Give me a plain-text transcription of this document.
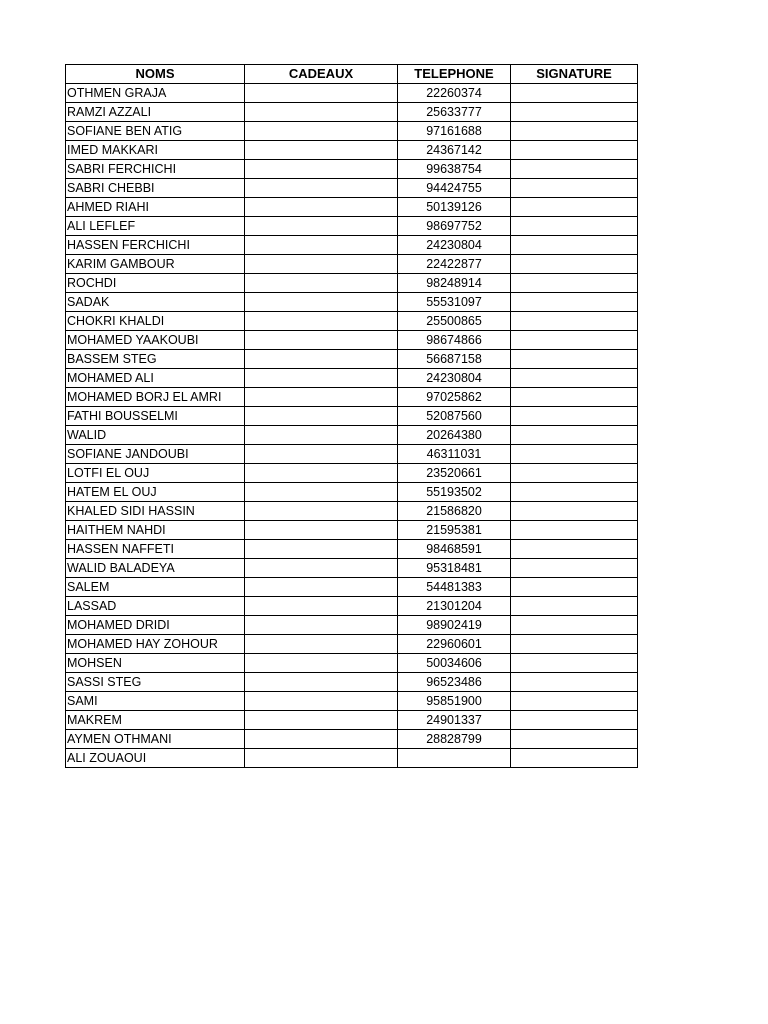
NOMS	CADEAUX	TELEPHONE	SIGNATURE
OTHMEN GRAJA		22260374	
RAMZI AZZALI		25633777	
SOFIANE BEN ATIG		97161688	
IMED MAKKARI		24367142	
SABRI FERCHICHI		99638754	
SABRI CHEBBI		94424755	
AHMED RIAHI		50139126	
ALI LEFLEF		98697752	
HASSEN FERCHICHI		24230804	
KARIM GAMBOUR		22422877	
ROCHDI		98248914	
SADAK		55531097	
CHOKRI KHALDI		25500865	
MOHAMED YAAKOUBI		98674866	
BASSEM STEG		56687158	
MOHAMED ALI		24230804	
MOHAMED BORJ EL AMRI		97025862	
FATHI BOUSSELMI		52087560	
WALID		20264380	
SOFIANE JANDOUBI		46311031	
LOTFI EL OUJ		23520661	
HATEM EL OUJ		55193502	
KHALED SIDI HASSIN		21586820	
HAITHEM NAHDI		21595381	
HASSEN NAFFETI		98468591	
WALID BALADEYA		95318481	
SALEM		54481383	
LASSAD		21301204	
MOHAMED DRIDI		98902419	
MOHAMED HAY ZOHOUR		22960601	
MOHSEN		50034606	
SASSI STEG		96523486	
SAMI		95851900	
MAKREM		24901337	
AYMEN OTHMANI		28828799	
ALI ZOUAOUI			
